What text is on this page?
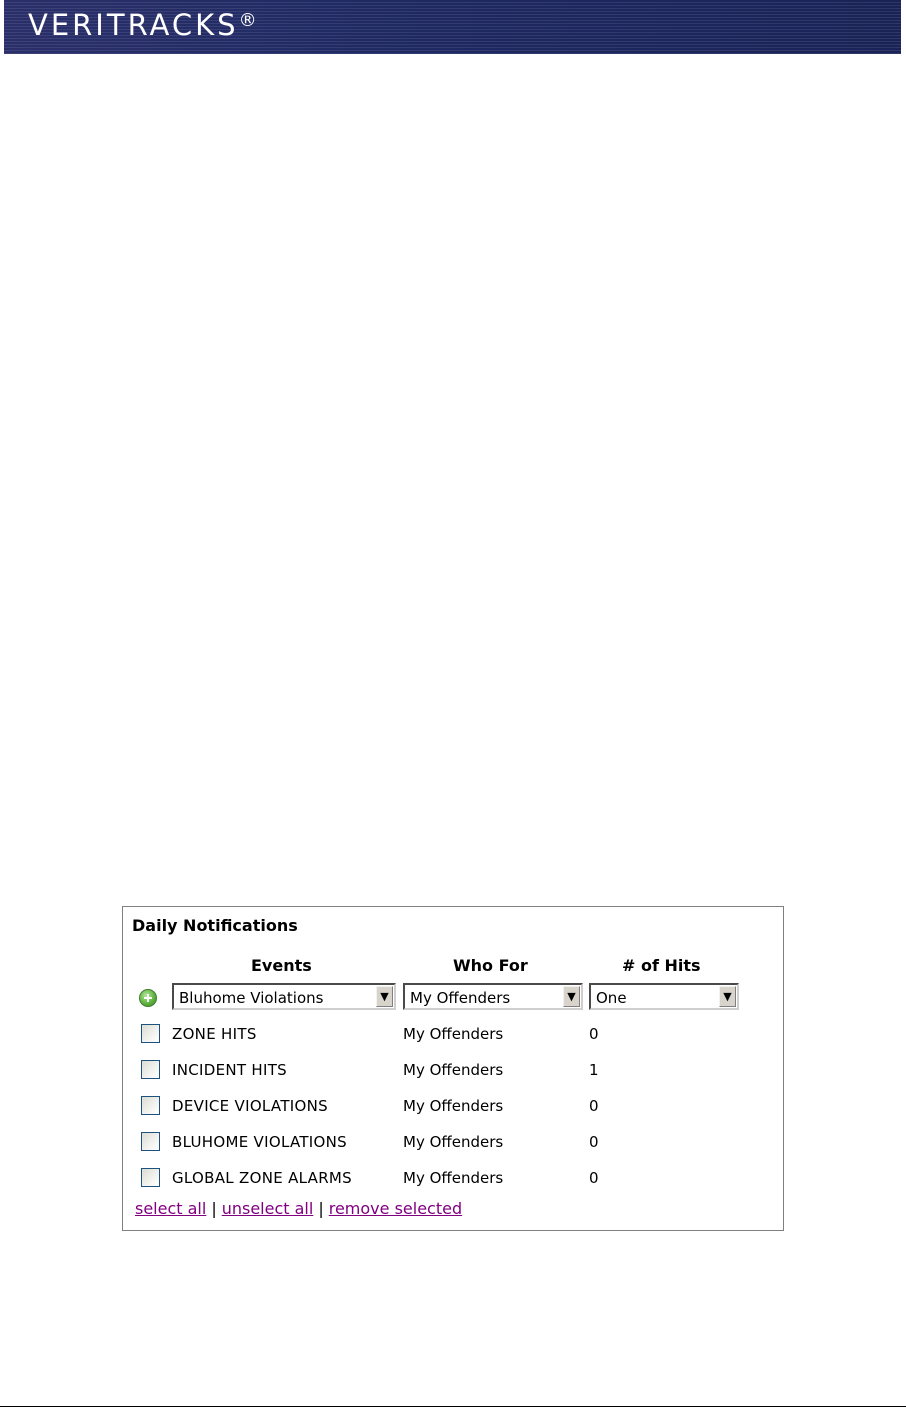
VERITRACKS®
Daily Notifications
Events	Who For	# of Hits
Bluhome Violations	▼ My Offenders	▼ One	▼
ZONE HITS	My Offenders	0
INCIDENT HITS	My Offenders	1
DEVICE VIOLATIONS	My Offenders	0
BLUHOME VIOLATIONS	My Offenders	0
GLOBAL ZONE ALARMS	My Offenders	0
select all | unselect all | remove selected
